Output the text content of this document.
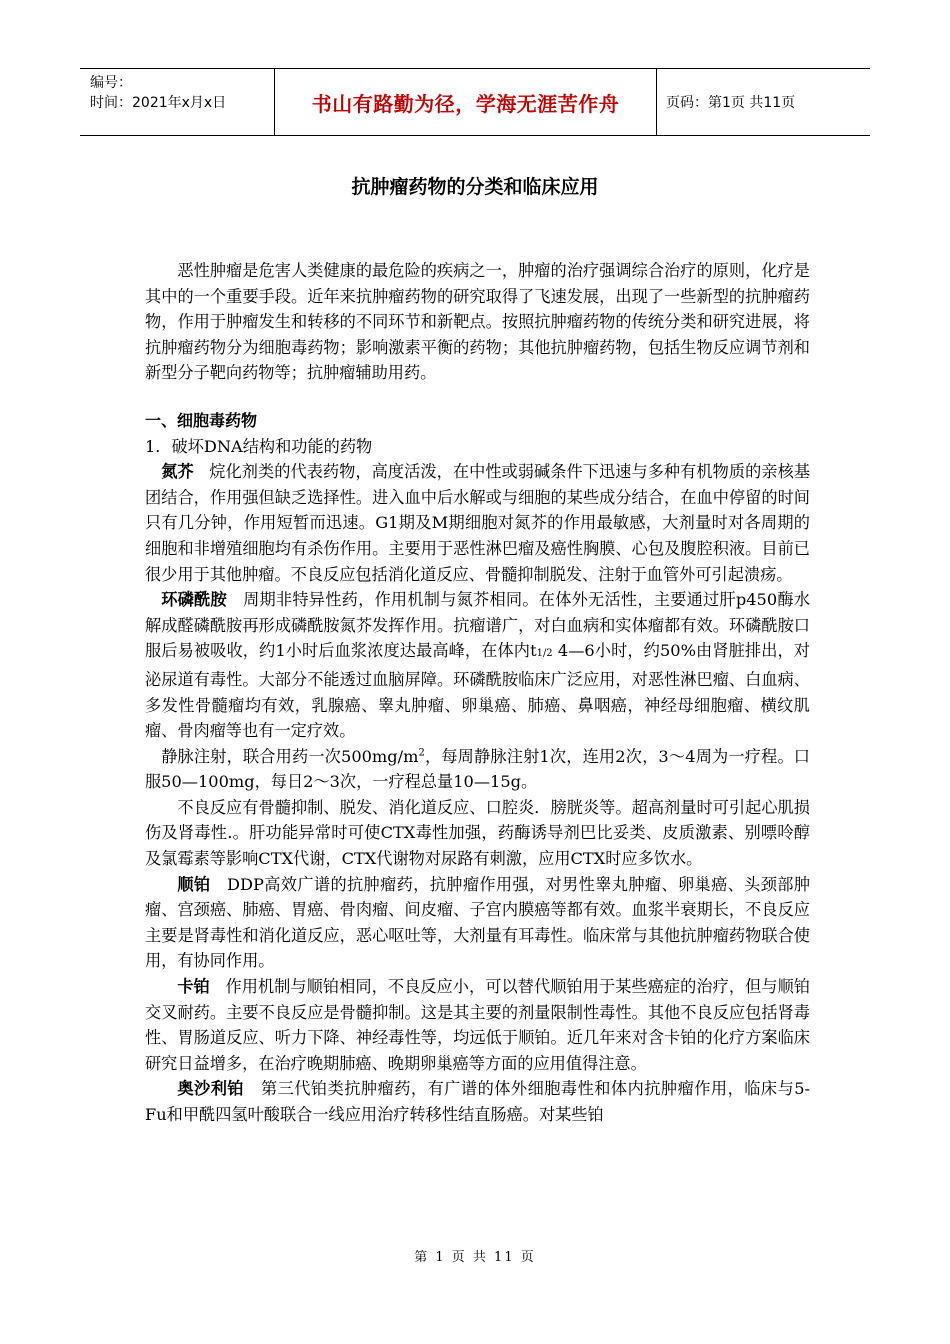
编号：
时间：2021年x月x日	书山有路勤为径，学海无涯苦作舟	页码：第1页 共11页
抗肿瘤药物的分类和临床应用

恶性肿瘤是危害人类健康的最危险的疾病之一，肿瘤的治疗强调综合治疗的原则，化疗是其中的一个重要手段。近年来抗肿瘤药物的研究取得了飞速发展，出现了一些新型的抗肿瘤药物，作用于肿瘤发生和转移的不同环节和新靶点。按照抗肿瘤药物的传统分类和研究进展，将抗肿瘤药物分为细胞毒药物；影响激素平衡的药物；其他抗肿瘤药物，包括生物反应调节剂和新型分子靶向药物等；抗肿瘤辅助用药。

一、细胞毒药物

1．破坏DNA结构和功能的药物

氮芥 烷化剂类的代表药物，高度活泼，在中性或弱碱条件下迅速与多种有机物质的亲核基团结合，作用强但缺乏选择性。进入血中后水解或与细胞的某些成分结合，在血中停留的时间只有几分钟，作用短暂而迅速。G1期及M期细胞对氮芥的作用最敏感，大剂量时对各周期的细胞和非增殖细胞均有杀伤作用。主要用于恶性淋巴瘤及癌性胸膜、心包及腹腔积液。目前已很少用于其他肿瘤。不良反应包括消化道反应、骨髓抑制脱发、注射于血管外可引起溃疡。

环磷酰胺 周期非特异性药，作用机制与氮芥相同。在体外无活性，主要通过肝p450酶水解成醛磷酰胺再形成磷酰胺氮芥发挥作用。抗瘤谱广，对白血病和实体瘤都有效。环磷酰胺口服后易被吸收，约1小时后血浆浓度达最高峰，在体内t1/2 4—6小时，约50%由肾脏排出，对泌尿道有毒性。大部分不能透过血脑屏障。环磷酰胺临床广泛应用，对恶性淋巴瘤、白血病、多发性骨髓瘤均有效，乳腺癌、睾丸肿瘤、卵巢癌、肺癌、鼻咽癌，神经母细胞瘤、横纹肌瘤、骨肉瘤等也有一定疗效。

静脉注射，联合用药一次$500mg/m^2$，每周静脉注射1次，连用2次，3～4周为一疗程。口服50—100mg，每日2～3次，一疗程总量10—15g。

不良反应有骨髓抑制、脱发、消化道反应、口腔炎．膀胱炎等。超高剂量时可引起心肌损伤及肾毒性.。肝功能异常时可使CTX毒性加强，药酶诱导剂巴比妥类、皮质激素、别嘌呤醇及氯霉素等影响CTX代谢，CTX代谢物对尿路有刺激，应用CTX时应多饮水。

顺铂 DDP高效广谱的抗肿瘤药，抗肿瘤作用强，对男性睾丸肿瘤、卵巢癌、头颈部肿瘤、宫颈癌、肺癌、胃癌、骨肉瘤、间皮瘤、子宫内膜癌等都有效。血浆半衰期长，不良反应主要是肾毒性和消化道反应，恶心呕吐等，大剂量有耳毒性。临床常与其他抗肿瘤药物联合使用，有协同作用。

卡铂 作用机制与顺铂相同，不良反应小，可以替代顺铂用于某些癌症的治疗，但与顺铂交叉耐药。主要不良反应是骨髓抑制。这是其主要的剂量限制性毒性。其他不良反应包括肾毒性、胃肠道反应、听力下降、神经毒性等，均远低于顺铂。近几年来对含卡铂的化疗方案临床研究日益增多，在治疗晚期肺癌、晚期卵巢癌等方面的应用值得注意。

奥沙利铂 第三代铂类抗肿瘤药，有广谱的体外细胞毒性和体内抗肿瘤作用，临床与5-Fu和甲酰四氢叶酸联合一线应用治疗转移性结直肠癌。对某些铂

第 1 页 共 11 页
